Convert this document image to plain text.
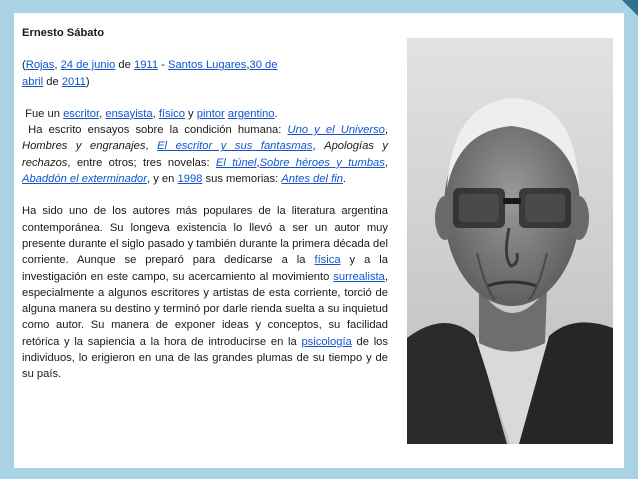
Ernesto Sábato

(Rojas, 24 de junio de 1911 - Santos Lugares,30 de
abril de 2011)

Fue un escritor, ensayista, físico y pintor argentino.
Ha escrito ensayos sobre la condición humana: Uno y el Universo, Hombres y engranajes, El escritor y sus fantasmas, Apologías y rechazos, entre otros; tres novelas: El túnel,Sobre héroes y tumbas, Abaddón el exterminador, y en 1998 sus memorias: Antes del fin.

Ha sido uno de los autores más populares de la literatura argentina contemporánea. Su longeva existencia lo llevó a ser un autor muy presente durante el siglo pasado y también durante la primera década del corriente. Aunque se preparó para dedicarse a la física y a la investigación en este campo, su acercamiento al movimiento surrealista, especialmente a algunos escritores y artistas de esta corriente, torció de alguna manera su destino y terminó por darle rienda suelta a su inquietud como autor. Su manera de exponer ideas y conceptos, su facilidad retórica y la sapiencia a la hora de introducirse en la psicología de los individuos, lo erigieron en una de las grandes plumas de su tiempo y de su país.
